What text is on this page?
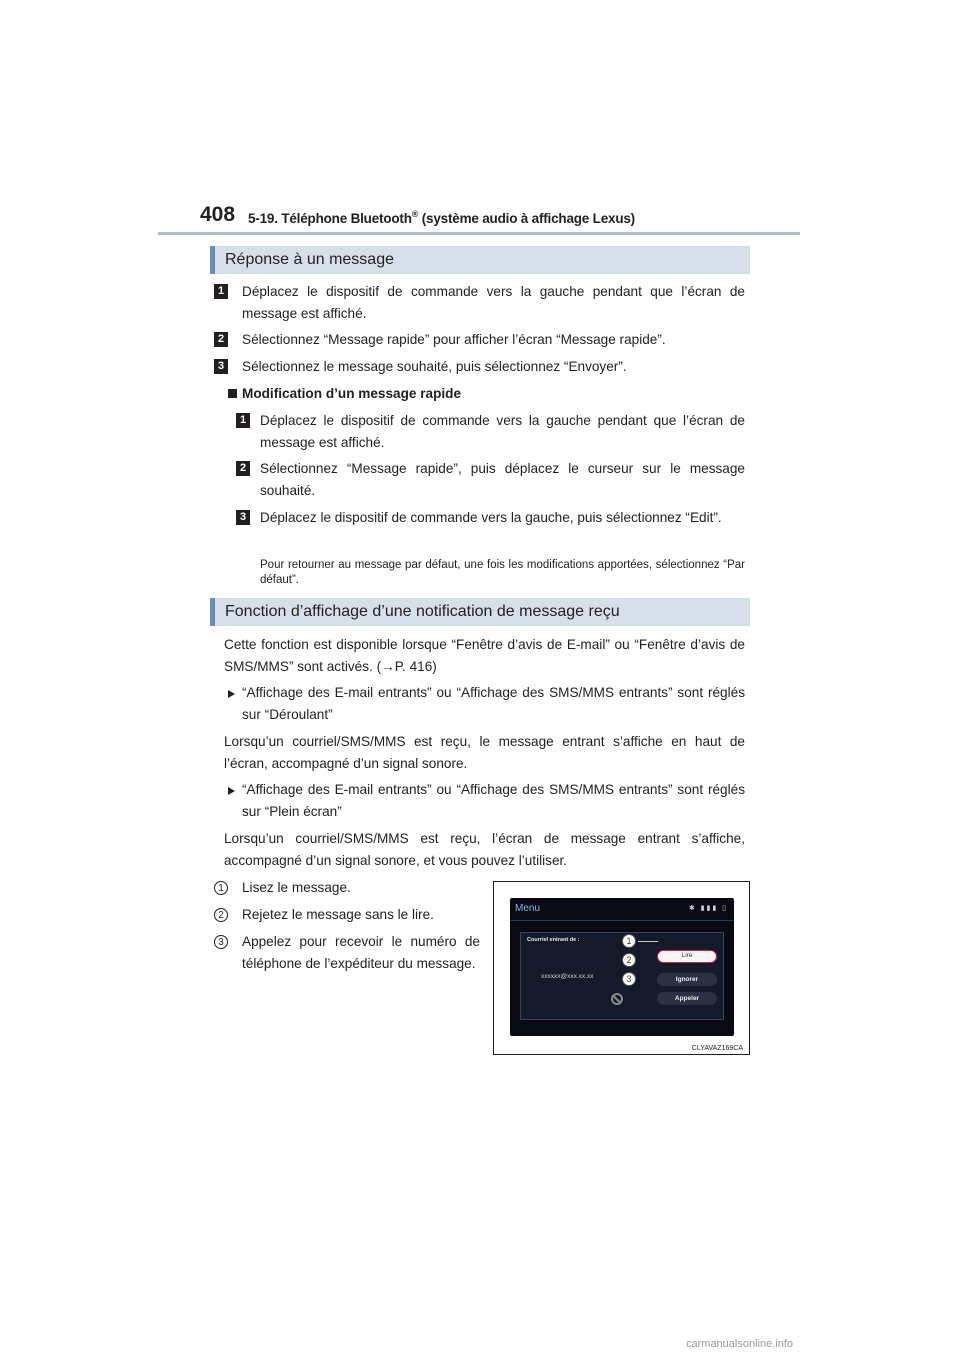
408 5-19. Téléphone Bluetooth® (système audio à affichage Lexus)
Réponse à un message
1 Déplacez le dispositif de commande vers la gauche pendant que l’écran de message est affiché.
2 Sélectionnez “Message rapide” pour afficher l’écran “Message rapide”.
3 Sélectionnez le message souhaité, puis sélectionnez “Envoyer”.
Modification d’un message rapide
1 Déplacez le dispositif de commande vers la gauche pendant que l’écran de message est affiché.
2 Sélectionnez “Message rapide”, puis déplacez le curseur sur le message souhaité.
3 Déplacez le dispositif de commande vers la gauche, puis sélectionnez “Edit”.
Pour retourner au message par défaut, une fois les modifications apportées, sélectionnez “Par défaut”.
Fonction d’affichage d’une notification de message reçu
Cette fonction est disponible lorsque “Fenêtre d’avis de E-mail” ou “Fenêtre d’avis de SMS/MMS” sont activés. (→P. 416)
“Affichage des E-mail entrants” ou “Affichage des SMS/MMS entrants” sont réglés sur “Déroulant”
Lorsqu’un courriel/SMS/MMS est reçu, le message entrant s’affiche en haut de l’écran, accompagné d’un signal sonore.
“Affichage des E-mail entrants” ou “Affichage des SMS/MMS entrants” sont réglés sur “Plein écran”
Lorsqu’un courriel/SMS/MMS est reçu, l’écran de message entrant s’affiche, accompagné d’un signal sonore, et vous pouvez l’utiliser.
1	Lisez le message.
2	Rejetez le message sans le lire.
3	Appelez pour recevoir le numéro de téléphone de l’expéditeur du message.
Menu	✱ ▮▮▮ ▯
Courriel entrant de :
xxxxxx@xxx.xx.xx
Lire
Ignorer
Appeler
1
2
3
CLYAVAZ169CA
carmanualsonline.info
